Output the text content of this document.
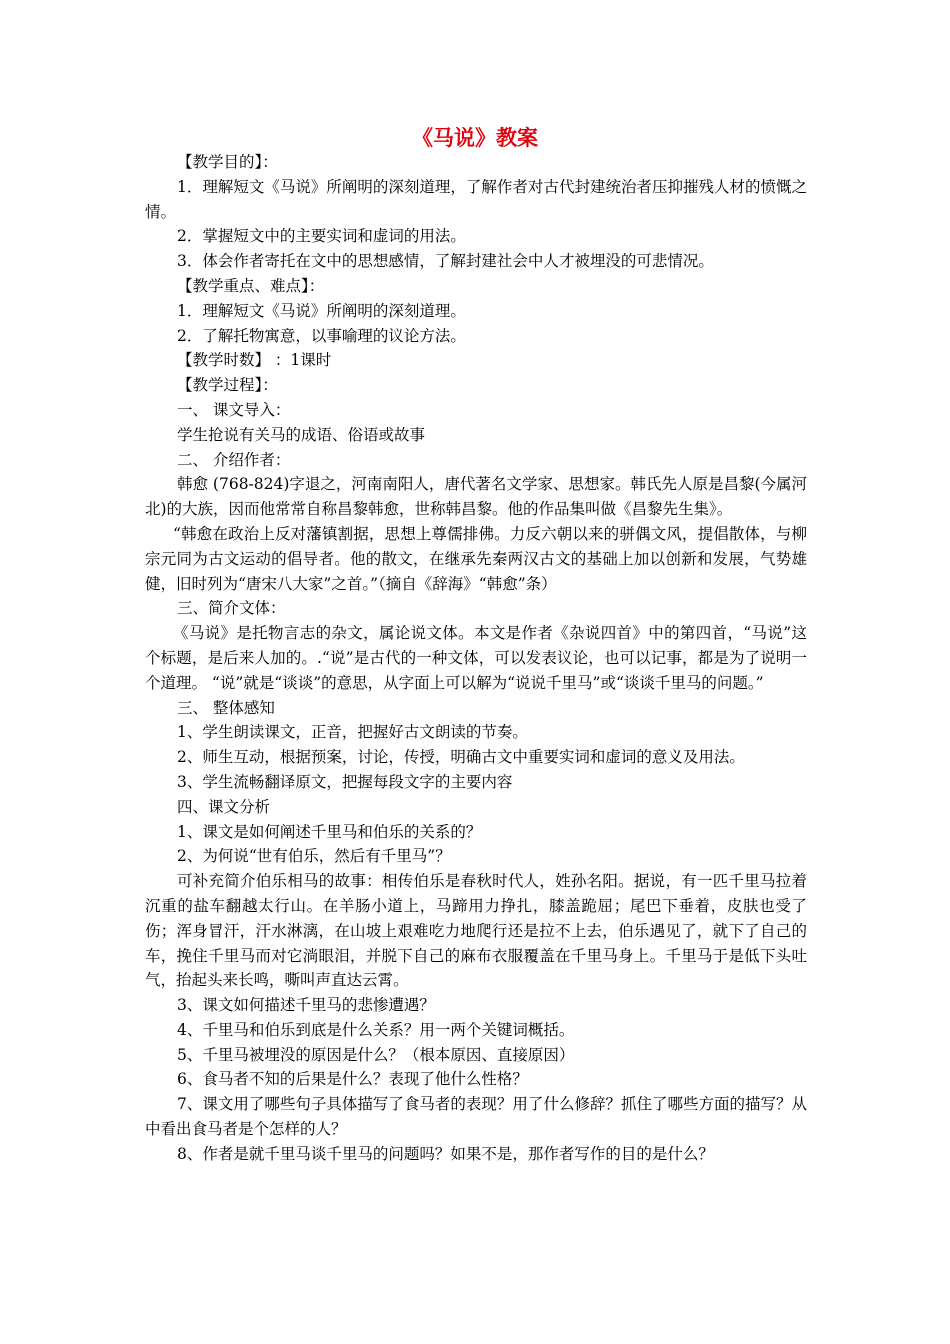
《马说》教案

【教学目的】：

1．理解短文《马说》所阐明的深刻道理，了解作者对古代封建统治者压抑摧残人材的愤慨之情。

2．掌握短文中的主要实词和虚词的用法。

3．体会作者寄托在文中的思想感情，了解封建社会中人才被埋没的可悲情况。

【教学重点、难点】：

1．理解短文《马说》所阐明的深刻道理。

2．了解托物寓意，以事喻理的议论方法。

【教学时数】 ：1课时

【教学过程】：

一、 课文导入：

学生抢说有关马的成语、俗语或故事

二、 介绍作者：

韩愈 (768-824)字退之，河南南阳人，唐代著名文学家、思想家。韩氏先人原是昌黎(今属河北)的大族，因而他常常自称昌黎韩愈，世称韩昌黎。他的作品集叫做《昌黎先生集》。

“韩愈在政治上反对藩镇割据，思想上尊儒排佛。力反六朝以来的骈偶文风，提倡散体，与柳宗元同为古文运动的倡导者。他的散文，在继承先秦两汉古文的基础上加以创新和发展，气势雄健，旧时列为“唐宋八大家”之首。”（摘自《辞海》“韩愈”条）

三、简介文体：

《马说》是托物言志的杂文，属论说文体。本文是作者《杂说四首》中的第四首，“马说”这个标题，是后来人加的。.“说”是古代的一种文体，可以发表议论，也可以记事，都是为了说明一个道理。 “说”就是“谈谈”的意思，从字面上可以解为“说说千里马”或“谈谈千里马的问题。”

三、 整体感知

1、学生朗读课文，正音，把握好古文朗读的节奏。

2、师生互动，根据预案，讨论，传授，明确古文中重要实词和虚词的意义及用法。

3、学生流畅翻译原文，把握每段文字的主要内容

四、课文分析

1、课文是如何阐述千里马和伯乐的关系的？

2、为何说“世有伯乐，然后有千里马”？

可补充简介伯乐相马的故事：相传伯乐是春秋时代人，姓孙名阳。据说，有一匹千里马拉着沉重的盐车翻越太行山。在羊肠小道上，马蹄用力挣扎，膝盖跪屈；尾巴下垂着，皮肤也受了伤；浑身冒汗，汗水淋漓，在山坡上艰难吃力地爬行还是拉不上去，伯乐遇见了，就下了自己的车，挽住千里马而对它淌眼泪，并脱下自己的麻布衣服覆盖在千里马身上。千里马于是低下头吐气，抬起头来长鸣，嘶叫声直达云霄。

3、课文如何描述千里马的悲惨遭遇？

4、千里马和伯乐到底是什么关系？用一两个关键词概括。

5、千里马被埋没的原因是什么？（根本原因、直接原因）

6、食马者不知的后果是什么？表现了他什么性格？

7、课文用了哪些句子具体描写了食马者的表现？用了什么修辞？抓住了哪些方面的描写？从中看出食马者是个怎样的人？

8、作者是就千里马谈千里马的问题吗？如果不是，那作者写作的目的是什么？
